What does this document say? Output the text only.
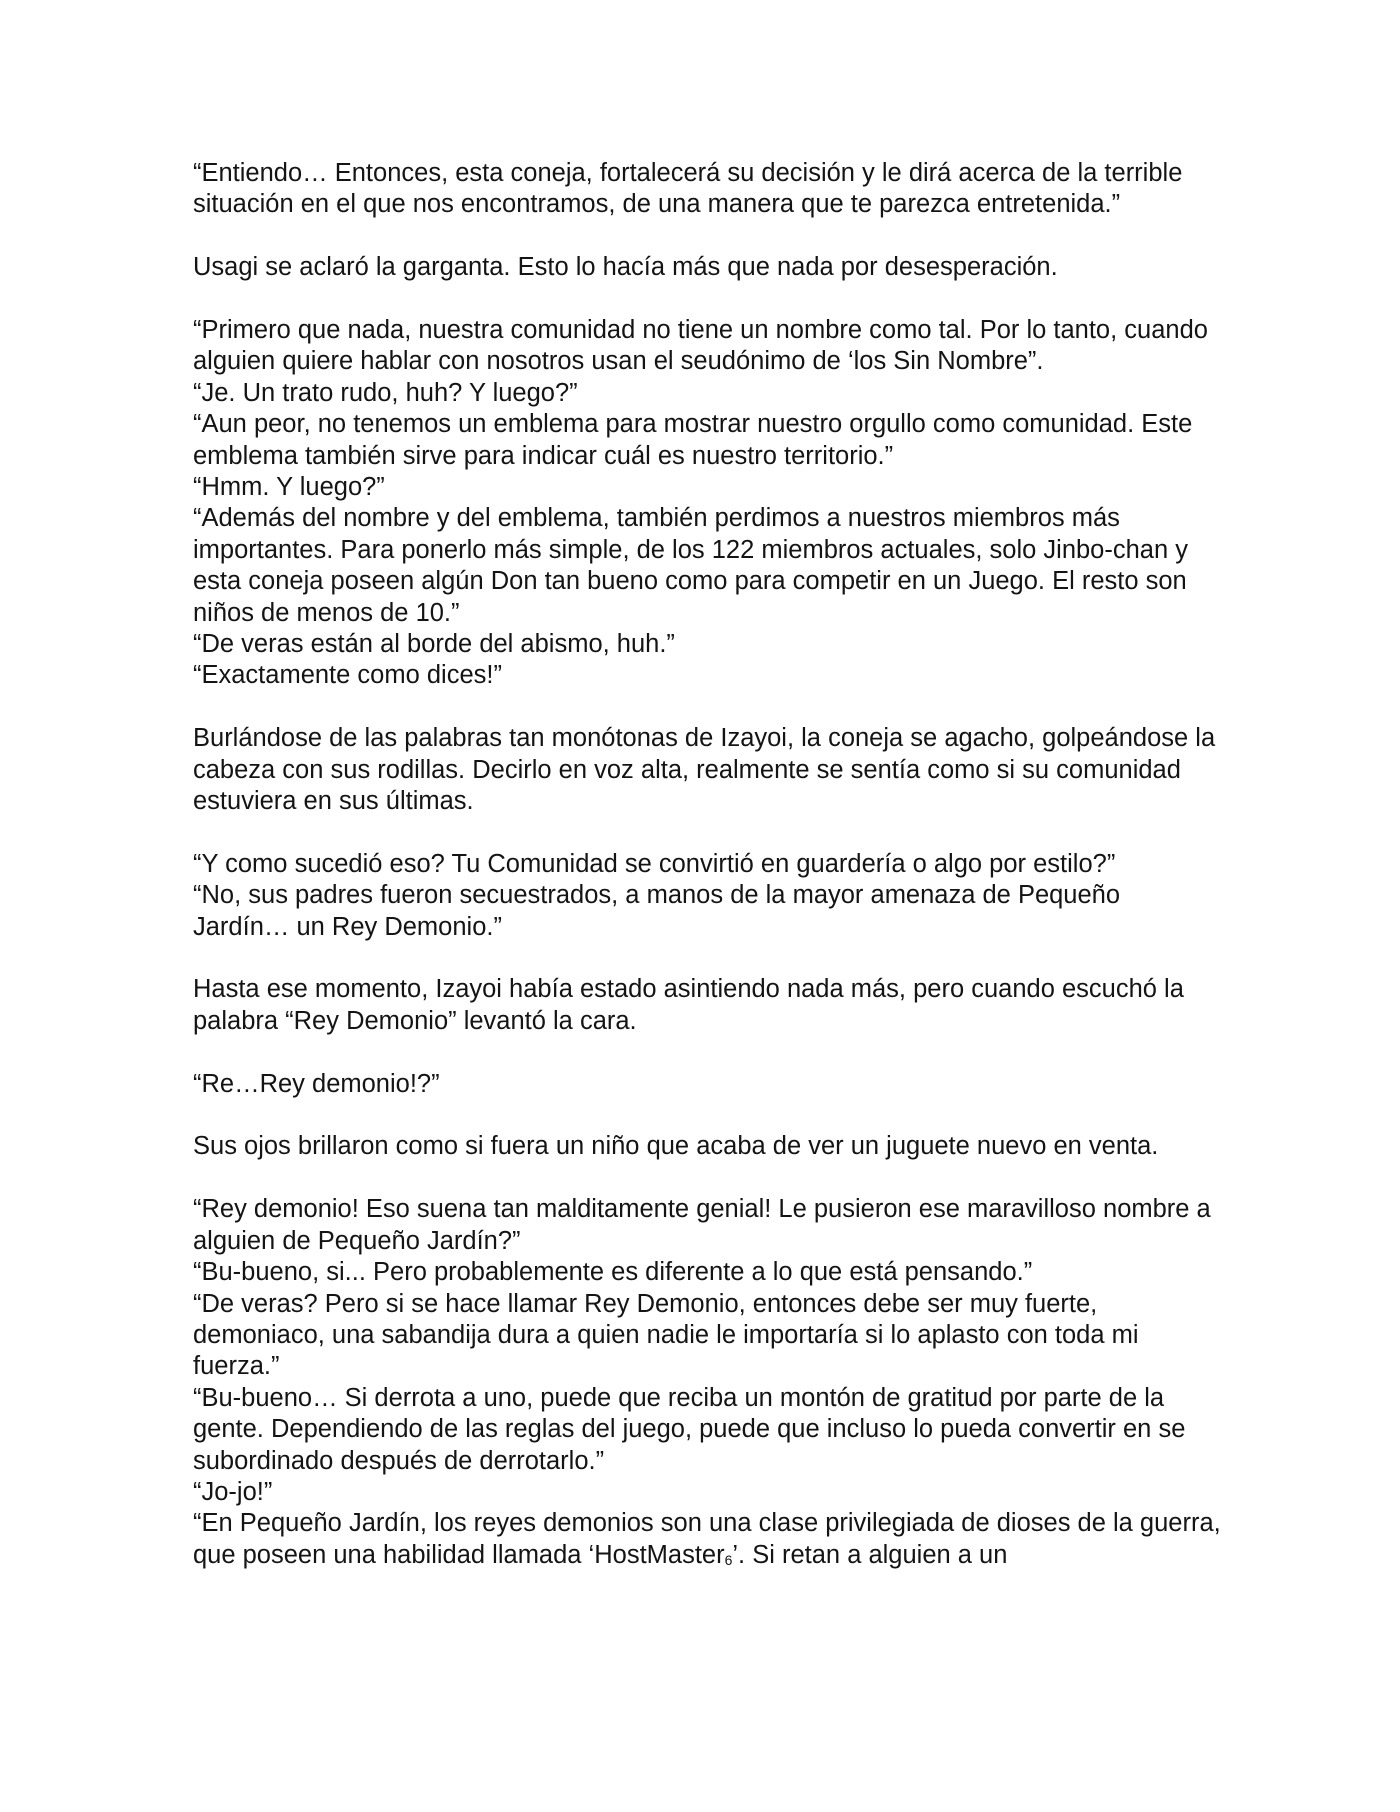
“Entiendo… Entonces, esta coneja, fortalecerá su decisión y le dirá acerca de la terrible situación en el que nos encontramos, de una manera que te parezca entretenida.”

Usagi se aclaró la garganta. Esto lo hacía más que nada por desesperación.

“Primero que nada, nuestra comunidad no tiene un nombre como tal. Por lo tanto, cuando alguien quiere hablar con nosotros usan el seudónimo de ‘los Sin Nombre”.

“Je. Un trato rudo, huh? Y luego?”

“Aun peor, no tenemos un emblema para mostrar nuestro orgullo como comunidad. Este emblema también sirve para indicar cuál es nuestro territorio.”

“Hmm. Y luego?”

“Además del nombre y del emblema, también perdimos a nuestros miembros más importantes. Para ponerlo más simple, de los 122 miembros actuales, solo Jinbo-chan y esta coneja poseen algún Don tan bueno como para competir en un Juego. El resto son niños de menos de 10.”

“De veras están al borde del abismo, huh.”

“Exactamente como dices!”

Burlándose de las palabras tan monótonas de Izayoi, la coneja se agacho, golpeándose la cabeza con sus rodillas. Decirlo en voz alta, realmente se sentía como si su comunidad estuviera en sus últimas.

“Y como sucedió eso? Tu Comunidad se convirtió en guardería o algo por estilo?”

“No, sus padres fueron secuestrados, a manos de la mayor amenaza de Pequeño Jardín… un Rey Demonio.”

Hasta ese momento, Izayoi había estado asintiendo nada más, pero cuando escuchó la palabra “Rey Demonio” levantó la cara.

“Re…Rey demonio!?”

Sus ojos brillaron como si fuera un niño que acaba de ver un juguete nuevo en venta.

“Rey demonio! Eso suena tan malditamente genial! Le pusieron ese maravilloso nombre a alguien de Pequeño Jardín?”

“Bu-bueno, si... Pero probablemente es diferente a lo que está pensando.”

“De veras? Pero si se hace llamar Rey Demonio, entonces debe ser muy fuerte, demoniaco, una sabandija dura a quien nadie le importaría si lo aplasto con toda mi fuerza.”

“Bu-bueno… Si derrota a uno, puede que reciba un montón de gratitud por parte de la gente. Dependiendo de las reglas del juego, puede que incluso lo pueda convertir en se subordinado después de derrotarlo.”

“Jo-jo!”

“En Pequeño Jardín, los reyes demonios son una clase privilegiada de dioses de la guerra, que poseen una habilidad llamada ‘HostMaster$_6$’. Si retan a alguien a un
